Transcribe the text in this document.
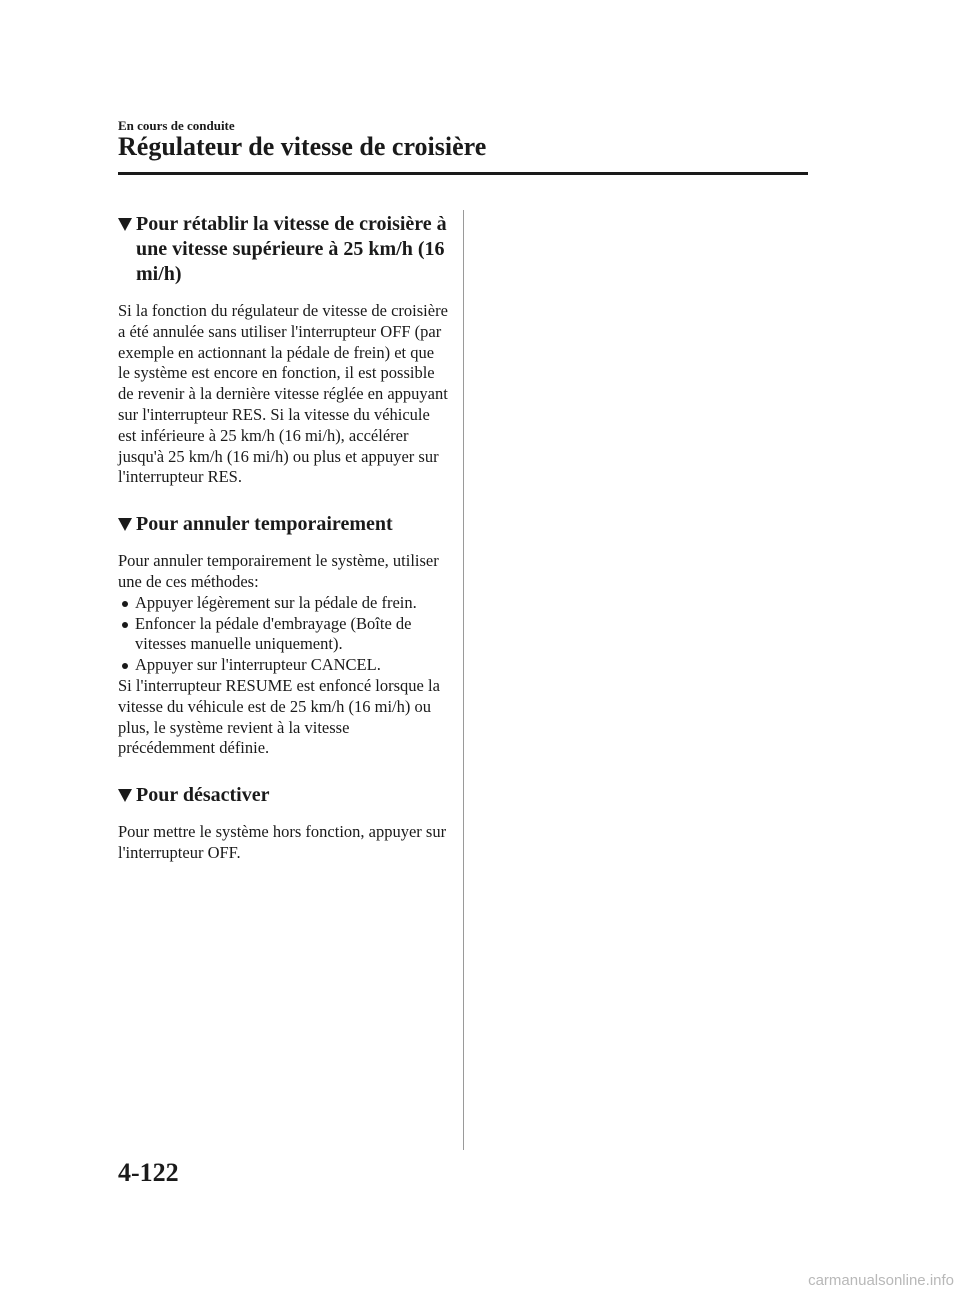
En cours de conduite

Régulateur de vitesse de croisière
Pour rétablir la vitesse de croisière à une vitesse supérieure à 25 km/h (16 mi/h)

Si la fonction du régulateur de vitesse de croisière a été annulée sans utiliser l'interrupteur OFF (par exemple en actionnant la pédale de frein) et que le système est encore en fonction, il est possible de revenir à la dernière vitesse réglée en appuyant sur l'interrupteur RES. Si la vitesse du véhicule est inférieure à 25 km/h (16 mi/h), accélérer jusqu'à 25 km/h (16 mi/h) ou plus et appuyer sur l'interrupteur RES.

Pour annuler temporairement

Pour annuler temporairement le système, utiliser une de ces méthodes:

Appuyer légèrement sur la pédale de frein.
Enfoncer la pédale d'embrayage (Boîte de vitesses manuelle uniquement).
Appuyer sur l'interrupteur CANCEL.

Si l'interrupteur RESUME est enfoncé lorsque la vitesse du véhicule est de 25 km/h (16 mi/h) ou plus, le système revient à la vitesse précédemment définie.

Pour désactiver

Pour mettre le système hors fonction, appuyer sur l'interrupteur OFF.

4-122

carmanualsonline.info
